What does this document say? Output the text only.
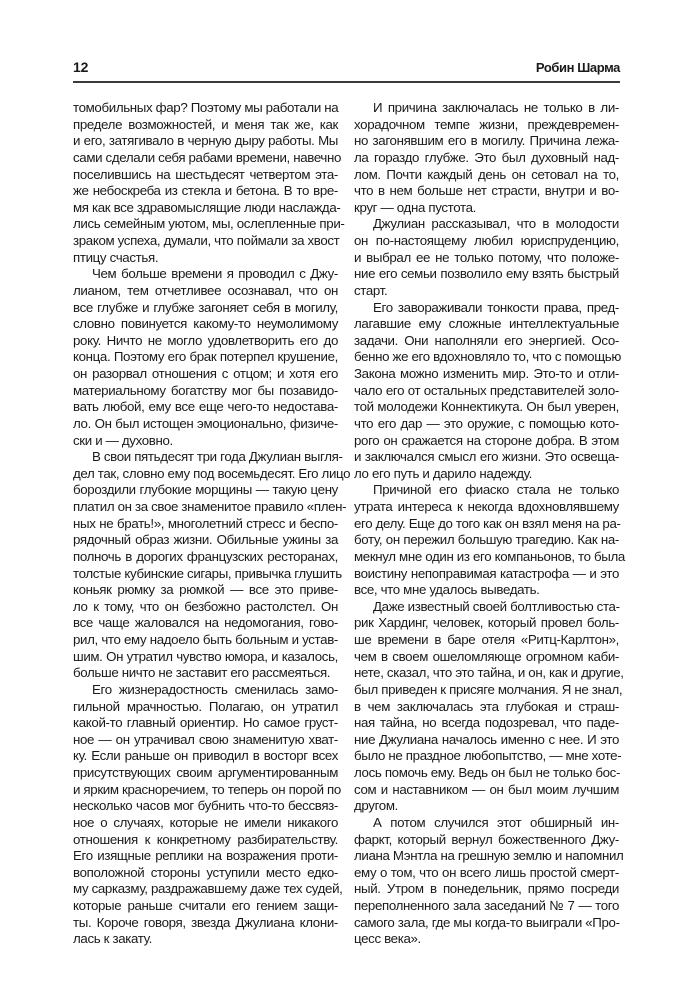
12	Робин Шарма
томобильных фар? Поэтому мы работали на
пределе возможностей, и меня так же, как
и его, затягивало в черную дыру работы. Мы
сами сделали себя рабами времени, навечно
поселившись на шестьдесят четвертом эта-
же небоскреба из стекла и бетона. В то вре-
мя как все здравомыслящие люди наслажда-
лись семейным уютом, мы, ослепленные при-
зраком успеха, думали, что поймали за хвост
птицу счастья.
Чем больше времени я проводил с Джу-
лианом, тем отчетливее осознавал, что он
все глубже и глубже загоняет себя в могилу,
словно повинуется какому-то неумолимому
року. Ничто не могло удовлетворить его до
конца. Поэтому его брак потерпел крушение,
он разорвал отношения с отцом; и хотя его
материальному богатству мог бы позавидо-
вать любой, ему все еще чего-то недостава-
ло. Он был истощен эмоционально, физиче-
ски и — духовно.
В свои пятьдесят три года Джулиан выгля-
дел так, словно ему под восемьдесят. Его лицо
бороздили глубокие морщины — такую цену
платил он за свое знаменитое правило «плен-
ных не брать!», многолетний стресс и беспо-
рядочный образ жизни. Обильные ужины за
полночь в дорогих французских ресторанах,
толстые кубинские сигары, привычка глушить
коньяк рюмку за рюмкой — все это приве-
ло к тому, что он безбожно растолстел. Он
все чаще жаловался на недомогания, гово-
рил, что ему надоело быть больным и устав-
шим. Он утратил чувство юмора, и казалось,
больше ничто не заставит его рассмеяться.
Его жизнерадостность сменилась замо-
гильной мрачностью. Полагаю, он утратил
какой-то главный ориентир. Но самое груст-
ное — он утрачивал свою знаменитую хват-
ку. Если раньше он приводил в восторг всех
присутствующих своим аргументированным
и ярким красноречием, то теперь он порой по
несколько часов мог бубнить что-то бессвяз-
ное о случаях, которые не имели никакого
отношения к конкретному разбирательству.
Его изящные реплики на возражения проти-
воположной стороны уступили место едко-
му сарказму, раздражавшему даже тех судей,
которые раньше считали его гением защи-
ты. Короче говоря, звезда Джулиана клони-
лась к закату.
И причина заключалась не только в ли-
хорадочном темпе жизни, преждевремен-
но загонявшим его в могилу. Причина лежа-
ла гораздо глубже. Это был духовный над-
лом. Почти каждый день он сетовал на то,
что в нем больше нет страсти, внутри и во-
круг — одна пустота.
Джулиан рассказывал, что в молодости
он по-настоящему любил юриспруденцию,
и выбрал ее не только потому, что положе-
ние его семьи позволило ему взять быстрый
старт.
Его завораживали тонкости права, пред-
лагавшие ему сложные интеллектуальные
задачи. Они наполняли его энергией. Осо-
бенно же его вдохновляло то, что с помощью
Закона можно изменить мир. Это-то и отли-
чало его от остальных представителей золо-
той молодежи Коннектикута. Он был уверен,
что его дар — это оружие, с помощью кото-
рого он сражается на стороне добра. В этом
и заключался смысл его жизни. Это освеща-
ло его путь и дарило надежду.
Причиной его фиаско стала не только
утрата интереса к некогда вдохновлявшему
его делу. Еще до того как он взял меня на ра-
боту, он пережил большую трагедию. Как на-
мекнул мне один из его компаньонов, то была
воистину непоправимая катастрофа — и это
все, что мне удалось выведать.
Даже известный своей болтливостью ста-
рик Хардинг, человек, который провел боль-
ше времени в баре отеля «Ритц-Карлтон»,
чем в своем ошеломляюще огромном каби-
нете, сказал, что это тайна, и он, как и другие,
был приведен к присяге молчания. Я не знал,
в чем заключалась эта глубокая и страш-
ная тайна, но всегда подозревал, что паде-
ние Джулиана началось именно с нее. И это
было не праздное любопытство, — мне хоте-
лось помочь ему. Ведь он был не только бос-
сом и наставником — он был моим лучшим
другом.
А потом случился этот обширный ин-
фаркт, который вернул божественного Джу-
лиана Мэнтла на грешную землю и напомнил
ему о том, что он всего лишь простой смерт-
ный. Утром в понедельник, прямо посреди
переполненного зала заседаний № 7 — того
самого зала, где мы когда-то выиграли «Про-
цесс века».
